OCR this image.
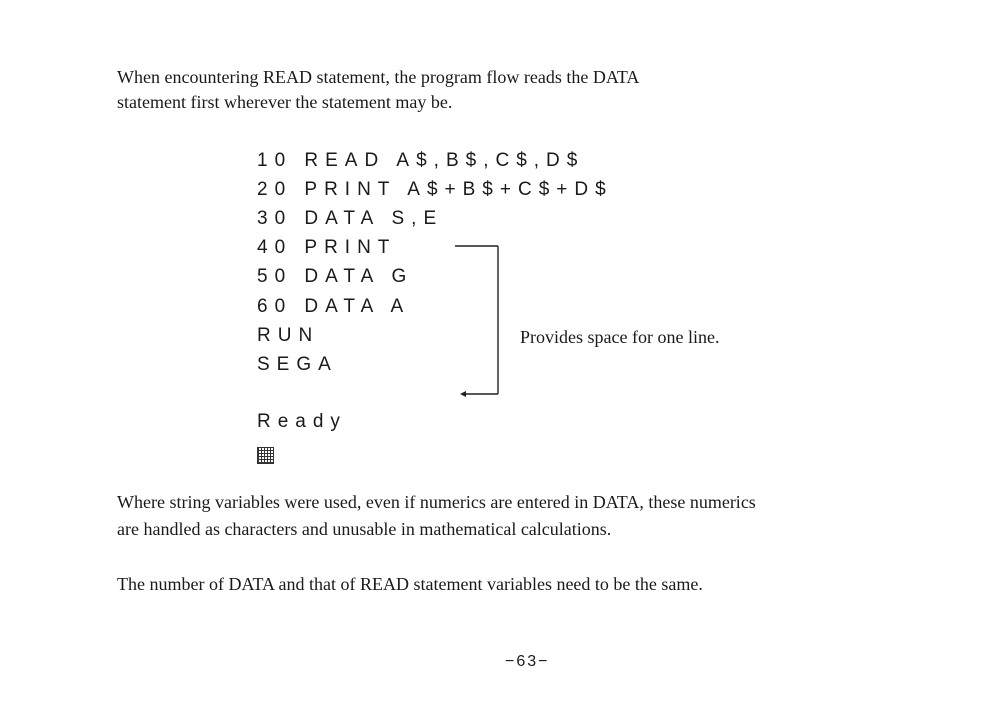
When encountering READ statement, the program flow reads the DATA
statement first wherever the statement may be.
10 READ A$,B$,C$,D$
20 PRINT A$+B$+C$+D$
30 DATA S,E
40 PRINT
50 DATA G
60 DATA A
RUN
SEGA
Ready
Provides space for one line.
Where string variables were used, even if numerics are entered in DATA, these numerics
are handled as characters and unusable in mathematical calculations.
The number of DATA and that of READ statement variables need to be the same.
−63−
